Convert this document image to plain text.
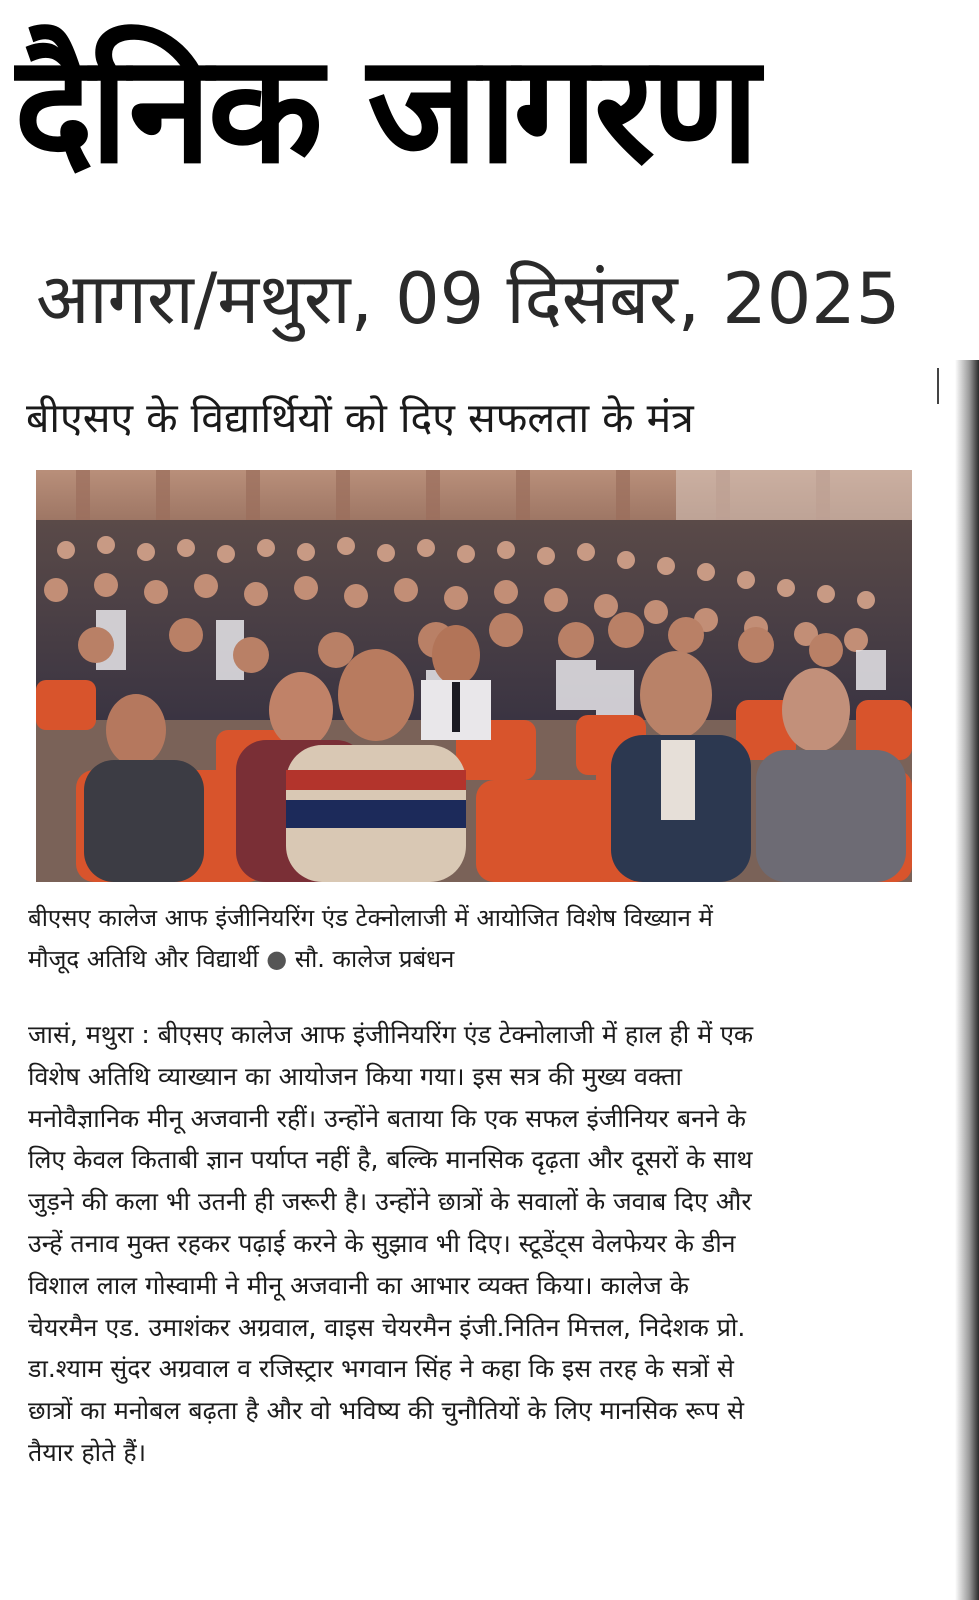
दैनिक जागरण
आगरा/मथुरा, 09 दिसंबर, 2025
बीएसए के विद्यार्थियों को दिए सफलता के मंत्र
बीएसए कालेज आफ इंजीनियरिंग एंड टेक्नोलाजी में आयोजित विशेष विख्यान में
मौजूद अतिथि और विद्यार्थी ● सौ. कालेज प्रबंधन
जासं, मथुरा : बीएसए कालेज आफ इंजीनियरिंग एंड टेक्नोलाजी में हाल ही में एक
विशेष अतिथि व्याख्यान का आयोजन किया गया। इस सत्र की मुख्य वक्ता
मनोवैज्ञानिक मीनू अजवानी रहीं। उन्होंने बताया कि एक सफल इंजीनियर बनने के
लिए केवल किताबी ज्ञान पर्याप्त नहीं है, बल्कि मानसिक दृढ़ता और दूसरों के साथ
जुड़ने की कला भी उतनी ही जरूरी है। उन्होंने छात्रों के सवालों के जवाब दिए और
उन्हें तनाव मुक्त रहकर पढ़ाई करने के सुझाव भी दिए। स्टूडेंट्स वेलफेयर के डीन
विशाल लाल गोस्वामी ने मीनू अजवानी का आभार व्यक्त किया। कालेज के
चेयरमैन एड. उमाशंकर अग्रवाल, वाइस चेयरमैन इंजी.नितिन मित्तल, निदेशक प्रो.
डा.श्याम सुंदर अग्रवाल व रजिस्ट्रार भगवान सिंह ने कहा कि इस तरह के सत्रों से
छात्रों का मनोबल बढ़ता है और वो भविष्य की चुनौतियों के लिए मानसिक रूप से
तैयार होते हैं।
